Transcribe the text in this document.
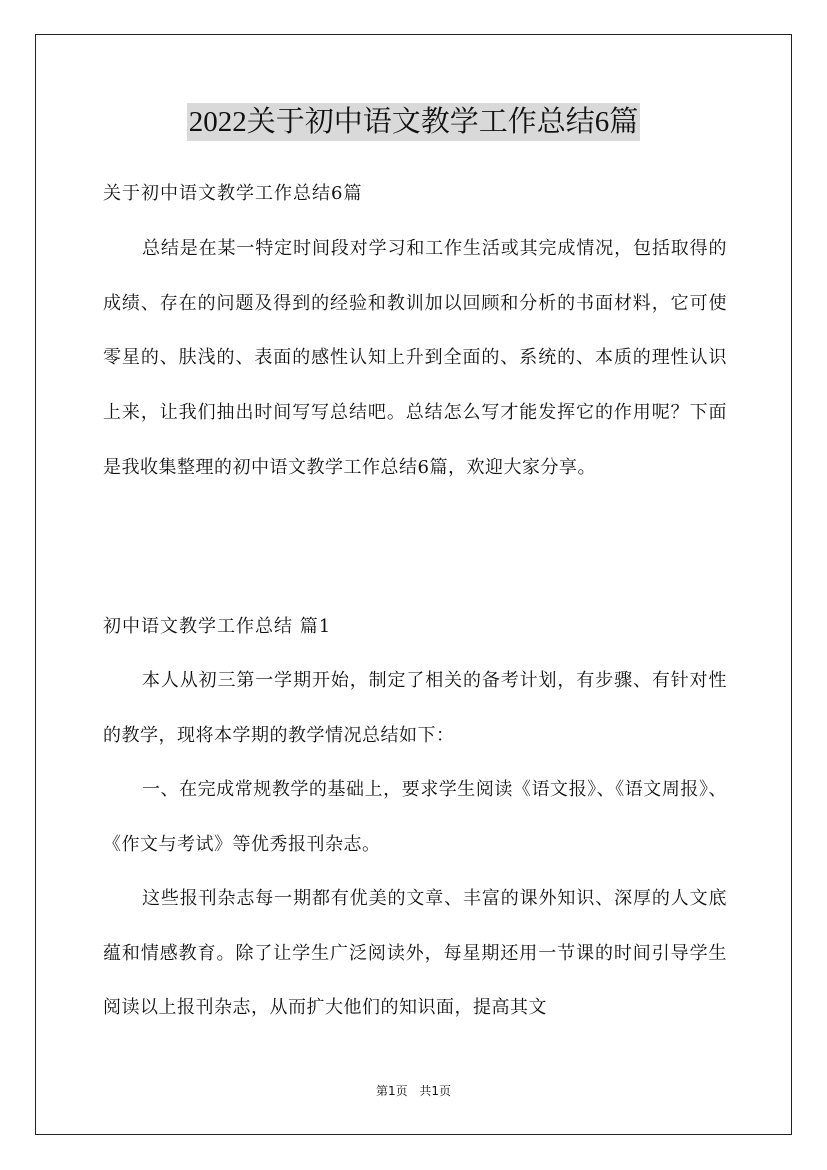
2022关于初中语文教学工作总结6篇
关于初中语文教学工作总结6篇
总结是在某一特定时间段对学习和工作生活或其完成情况，包括取得的成绩、存在的问题及得到的经验和教训加以回顾和分析的书面材料，它可使零星的、肤浅的、表面的感性认知上升到全面的、系统的、本质的理性认识上来，让我们抽出时间写写总结吧。总结怎么写才能发挥它的作用呢？下面是我收集整理的初中语文教学工作总结6篇，欢迎大家分享。
初中语文教学工作总结 篇1
本人从初三第一学期开始，制定了相关的备考计划，有步骤、有针对性的教学，现将本学期的教学情况总结如下：
一、在完成常规教学的基础上，要求学生阅读《语文报》、《语文周报》、《作文与考试》等优秀报刊杂志。
这些报刊杂志每一期都有优美的文章、丰富的课外知识、深厚的人文底蕴和情感教育。除了让学生广泛阅读外，每星期还用一节课的时间引导学生阅读以上报刊杂志，从而扩大他们的知识面，提高其文
第1页 共1页
